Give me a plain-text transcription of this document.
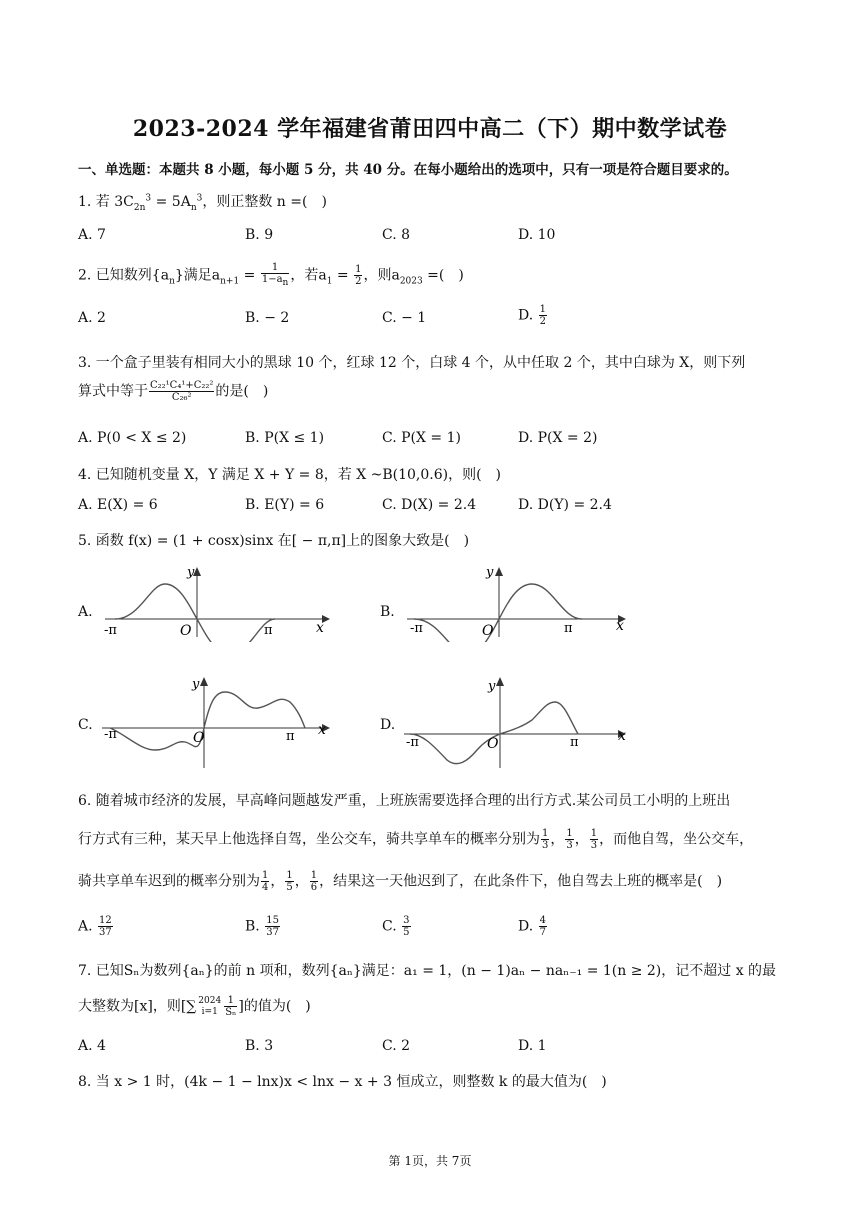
2023-2024 学年福建省莆田四中高二（下）期中数学试卷
一、单选题：本题共 8 小题，每小题 5 分，共 40 分。在每小题给出的选项中，只有一项是符合题目要求的。
1. 若 $3C_{2n}^3 = 5A_n^3$，则正整数 n =(　)
A. 7	B. 9	C. 8	D. 10
2. 已知数列$\{a_n\}$满足$a_{n+1} = \frac{1}{1-a_n}$ ，若$a_1 = \frac{1}{2}$ ，则$a_{2023}$ =(　)
A. 2	B. − 2	C. − 1	D. $\frac{1}{2}$
3. 一个盒子里装有相同大小的黑球 10 个，红球 12 个，白球 4 个，从中任取 2 个，其中白球为 X，则下列
算式中等于 $\frac{\text{C₂₂¹C₄¹+C₂₂²}}{\text{C₂₆²}}$ 的是(　)
A. P(0 < X ≤ 2)	B. P(X ≤ 1)	C. P(X = 1)	D. P(X = 2)
4. 已知随机变量 X，Y 满足 X + Y = 8，若 X ~B(10,0.6)，则(　)
A. E(X) = 6	B. E(Y) = 6	C. D(X) = 2.4	D. D(Y) = 2.4
5. 函数 f(x) = (1 + cosx)sinx 在[ − π,π]上的图象大致是(　)
A.	B.
C.	D.
-π	O	π	x
y
-π	O	π	x
y
-π	O	π x
y
-π	O	π	x
y
6. 随着城市经济的发展，早高峰问题越发严重，上班族需要选择合理的出行方式.某公司员工小明的上班出
行方式有三种，某天早上他选择自驾，坐公交车，骑共享单车的概率分别为 $\frac{1}{3}$ ， $\frac{1}{3}$ ， $\frac{1}{3}$ ，而他自驾，坐公交车，
骑共享单车迟到的概率分别为 $\frac{1}{4}$ ， $\frac{1}{5}$ ， $\frac{1}{6}$ ，结果这一天他迟到了，在此条件下，他自驾去上班的概率是(　)
A. $\frac{12}{37}$	B. $\frac{15}{37}$	C. $\frac{3}{5}$	D. $\frac{4}{7}$
7. 已知Sₙ为数列{aₙ}的前 n 项和，数列{aₙ}满足：a₁ = 1，(n − 1)aₙ − naₙ₋₁ = 1(n ≥ 2)，记不超过 x 的最
大整数为[x]，则[∑ 2024
$i=1 \frac{1}{\text{Sₙ}}$ ]的值为(　)
A. 4	B. 3	C. 2	D. 1
8. 当 x > 1 时，(4k − 1 − lnx)x < lnx − x + 3 恒成立，则整数 k 的最大值为(　)
第 1页，共 7页
